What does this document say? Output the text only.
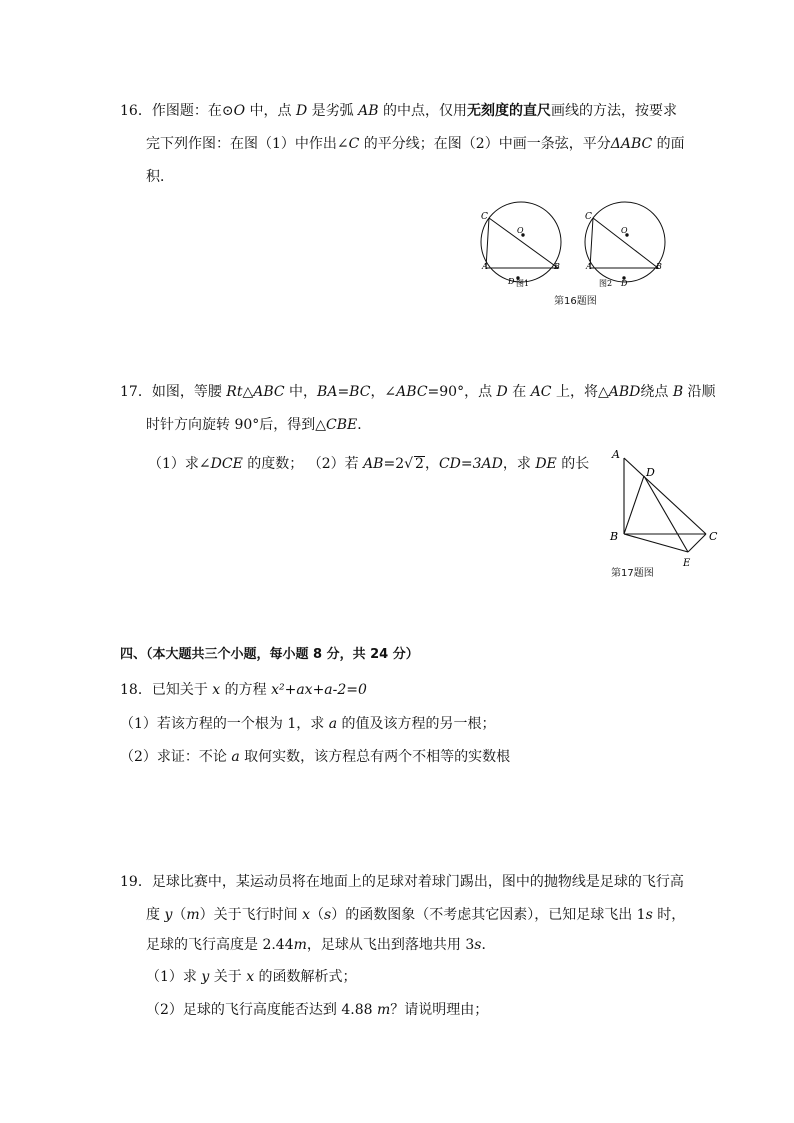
16．作图题：在⊙O 中，点 D 是劣弧 AB 的中点，仅用无刻度的直尺画线的方法，按要求
完下列作图：在图（1）中作出∠C 的平分线；在图（2）中画一条弦，平分ΔABC 的面
积．
C
O
A	B
D 图1
C
O
A	B
D
图2
第16题图
17．如图，等腰 Rt△ABC 中，BA=BC，∠ABC=90°，点 D 在 AC 上，将△ABD绕点 B 沿顺
时针方向旋转 90°后，得到△CBE．
（1）求∠DCE 的度数； （2）若 AB=2√ 2，CD=3AD，求 DE 的长
A
D
B	C
E
第17题图
四、（本大题共三个小题，每小题 8 分，共 24 分）
18．已知关于 x 的方程 x²+ax+a-2=0
（1）若该方程的一个根为 1，求 a 的值及该方程的另一根；
（2）求证：不论 a 取何实数，该方程总有两个不相等的实数根
19．足球比赛中，某运动员将在地面上的足球对着球门踢出，图中的抛物线是足球的飞行高
度 y（m）关于飞行时间 x（s）的函数图象（不考虑其它因素），已知足球飞出 1s 时，
足球的飞行高度是 2.44m，足球从飞出到落地共用 3s．
（1）求 y 关于 x 的函数解析式；
（2）足球的飞行高度能否达到 4.88 m？请说明理由；
